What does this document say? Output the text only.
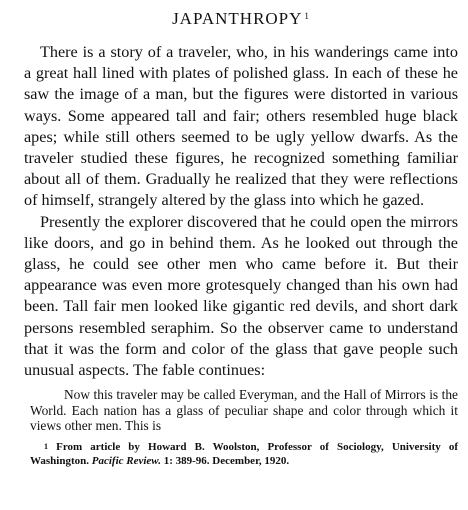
JAPANTHROPY $^1$

There is a story of a traveler, who, in his wanderings came into a great hall lined with plates of polished glass. In each of these he saw the image of a man, but the figures were distorted in various ways. Some appeared tall and fair; others resembled huge black apes; while still others seemed to be ugly yellow dwarfs. As the traveler studied these figures, he recognized something familiar about all of them. Gradually he realized that they were reflections of himself, strangely altered by the glass into which he gazed.

Presently the explorer discovered that he could open the mirrors like doors, and go in behind them. As he looked out through the glass, he could see other men who came before it. But their appearance was even more grotesquely changed than his own had been. Tall fair men looked like gigantic red devils, and short dark persons resembled seraphim. So the observer came to understand that it was the form and color of the glass that gave people such unusual aspects. The fable continues:

Now this traveler may be called Everyman, and the Hall of Mirrors is the World. Each nation has a glass of peculiar shape and color through which it views other men. This is

$^1$ From article by Howard B. Woolston, Professor of Sociology, University of Washington. Pacific Review. 1: 389-96. December, 1920.
